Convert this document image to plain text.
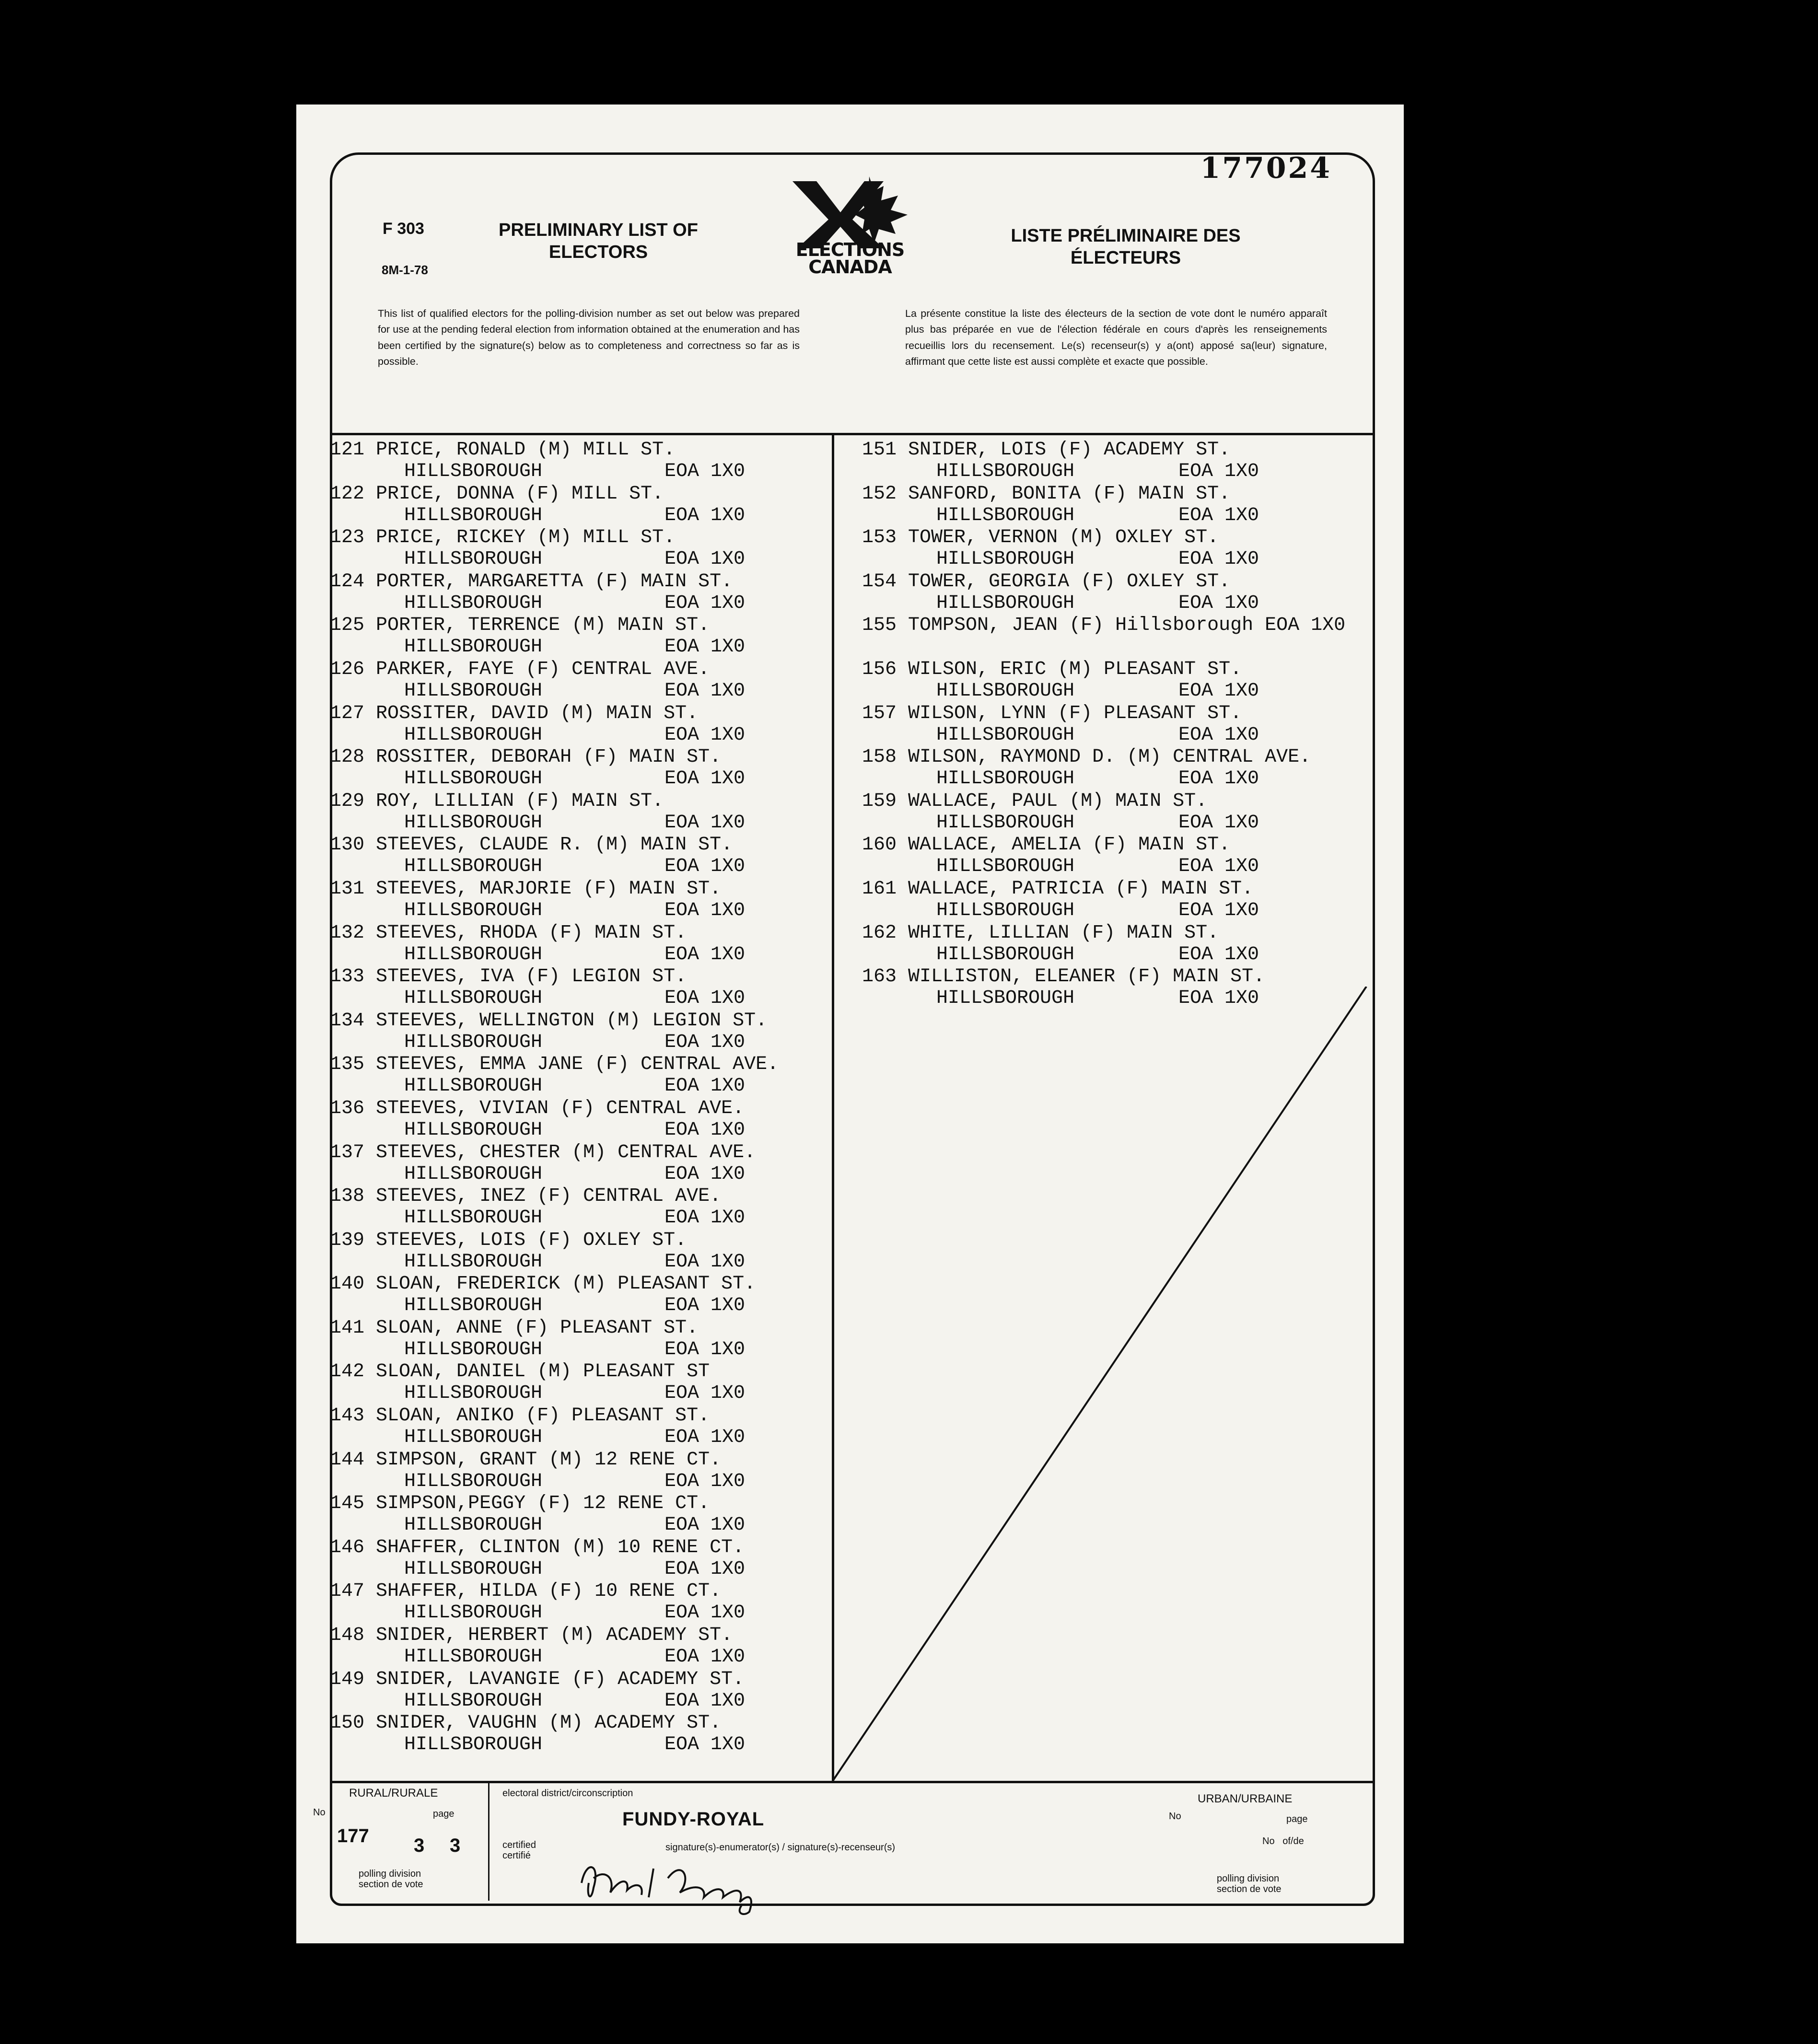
177024
F 303
8M-1-78
PRELIMINARY LIST OF
ELECTORS
LISTE PRÉLIMINAIRE DES
ÉLECTEURS
ELECTIONS
CANADA
This list of qualified electors for the polling-division number as set out below was prepared for use at the pending federal election from information obtained at the enumeration and has been certified by the signature(s) below as to completeness and correctness so far as is possible.
La présente constitue la liste des électeurs de la section de vote dont le numéro apparaît plus bas préparée en vue de l'élection fédérale en cours d'après les renseignements recueillis lors du recensement. Le(s) recenseur(s) y a(ont) apposé sa(leur) signature, affirmant que cette liste est aussi complète et exacte que possible.
121 PRICE, RONALD (M) MILL ST.
HILLSBOROUGH	EOA 1X0
122 PRICE, DONNA (F) MILL ST.
HILLSBOROUGH	EOA 1X0
123 PRICE, RICKEY (M) MILL ST.
HILLSBOROUGH	EOA 1X0
124 PORTER, MARGARETTA (F) MAIN ST.
HILLSBOROUGH	EOA 1X0
125 PORTER, TERRENCE (M) MAIN ST.
HILLSBOROUGH	EOA 1X0
126 PARKER, FAYE (F) CENTRAL AVE.
HILLSBOROUGH	EOA 1X0
127 ROSSITER, DAVID (M) MAIN ST.
HILLSBOROUGH	EOA 1X0
128 ROSSITER, DEBORAH (F) MAIN ST.
HILLSBOROUGH	EOA 1X0
129 ROY, LILLIAN (F) MAIN ST.
HILLSBOROUGH	EOA 1X0
130 STEEVES, CLAUDE R. (M) MAIN ST.
HILLSBOROUGH	EOA 1X0
131 STEEVES, MARJORIE (F) MAIN ST.
HILLSBOROUGH	EOA 1X0
132 STEEVES, RHODA (F) MAIN ST.
HILLSBOROUGH	EOA 1X0
133 STEEVES, IVA (F) LEGION ST.
HILLSBOROUGH	EOA 1X0
134 STEEVES, WELLINGTON (M) LEGION ST.
HILLSBOROUGH	EOA 1X0
135 STEEVES, EMMA JANE (F) CENTRAL AVE.
HILLSBOROUGH	EOA 1X0
136 STEEVES, VIVIAN (F) CENTRAL AVE.
HILLSBOROUGH	EOA 1X0
137 STEEVES, CHESTER (M) CENTRAL AVE.
HILLSBOROUGH	EOA 1X0
138 STEEVES, INEZ (F) CENTRAL AVE.
HILLSBOROUGH	EOA 1X0
139 STEEVES, LOIS (F) OXLEY ST.
HILLSBOROUGH	EOA 1X0
140 SLOAN, FREDERICK (M) PLEASANT ST.
HILLSBOROUGH	EOA 1X0
141 SLOAN, ANNE (F) PLEASANT ST.
HILLSBOROUGH	EOA 1X0
142 SLOAN, DANIEL (M) PLEASANT ST
HILLSBOROUGH	EOA 1X0
143 SLOAN, ANIKO (F) PLEASANT ST.
HILLSBOROUGH	EOA 1X0
144 SIMPSON, GRANT (M) 12 RENE CT.
HILLSBOROUGH	EOA 1X0
145 SIMPSON,PEGGY (F) 12 RENE CT.
HILLSBOROUGH	EOA 1X0
146 SHAFFER, CLINTON (M) 10 RENE CT.
HILLSBOROUGH	EOA 1X0
147 SHAFFER, HILDA (F) 10 RENE CT.
HILLSBOROUGH	EOA 1X0
148 SNIDER, HERBERT (M) ACADEMY ST.
HILLSBOROUGH	EOA 1X0
149 SNIDER, LAVANGIE (F) ACADEMY ST.
HILLSBOROUGH	EOA 1X0
150 SNIDER, VAUGHN (M) ACADEMY ST.
HILLSBOROUGH	EOA 1X0
151 SNIDER, LOIS (F) ACADEMY ST.
HILLSBOROUGH	EOA 1X0
152 SANFORD, BONITA (F) MAIN ST.
HILLSBOROUGH	EOA 1X0
153 TOWER, VERNON (M) OXLEY ST.
HILLSBOROUGH	EOA 1X0
154 TOWER, GEORGIA (F) OXLEY ST.
HILLSBOROUGH	EOA 1X0
155 TOMPSON, JEAN (F) Hillsborough EOA 1X0
156 WILSON, ERIC (M) PLEASANT ST.
HILLSBOROUGH	EOA 1X0
157 WILSON, LYNN (F) PLEASANT ST.
HILLSBOROUGH	EOA 1X0
158 WILSON, RAYMOND D. (M) CENTRAL AVE.
HILLSBOROUGH	EOA 1X0
159 WALLACE, PAUL (M) MAIN ST.
HILLSBOROUGH	EOA 1X0
160 WALLACE, AMELIA (F) MAIN ST.
HILLSBOROUGH	EOA 1X0
161 WALLACE, PATRICIA (F) MAIN ST.
HILLSBOROUGH	EOA 1X0
162 WHITE, LILLIAN (F) MAIN ST.
HILLSBOROUGH	EOA 1X0
163 WILLISTON, ELEANER (F) MAIN ST.
HILLSBOROUGH	EOA 1X0
RURAL/RURALE
No	page
177 3 3
polling division
section de vote
electoral district/circonscription
FUNDY-ROYAL
certified
certifié
signature(s)-enumerator(s) / signature(s)-recenseur(s)
URBAN/URBAINE
No	page
No   of/de
polling division
section de vote
